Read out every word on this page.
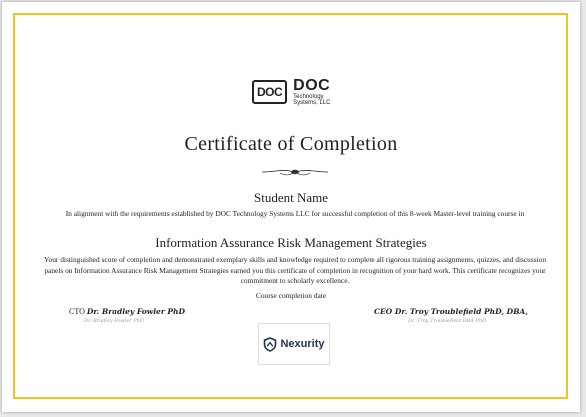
DOC DOC
Technology
Systems, LLC
Certificate of Completion
Student Name
In alignment with the requirements established by DOC Technology Systems LLC for successful completion of this 8-week Master-level training course in
Information Assurance Risk Management Strategies
Your distinguished score of completion and demonstrated exemplary skills and knowledge required to complete all rigorous training assignments, quizzes, and discussion panels on Information Assurance Risk Management Strategies earned you this certificate of completion in recognition of your hard work. This certificate recognizes your commitment to scholarly excellence.
Course completion date
CTO Dr. Bradley Fowler PhD
Dr. Bradley Fowler PhD
CEO Dr. Troy Troublefield PhD, DBA,
Dr. Troy Troublefield DBA PhD
Nexurity
